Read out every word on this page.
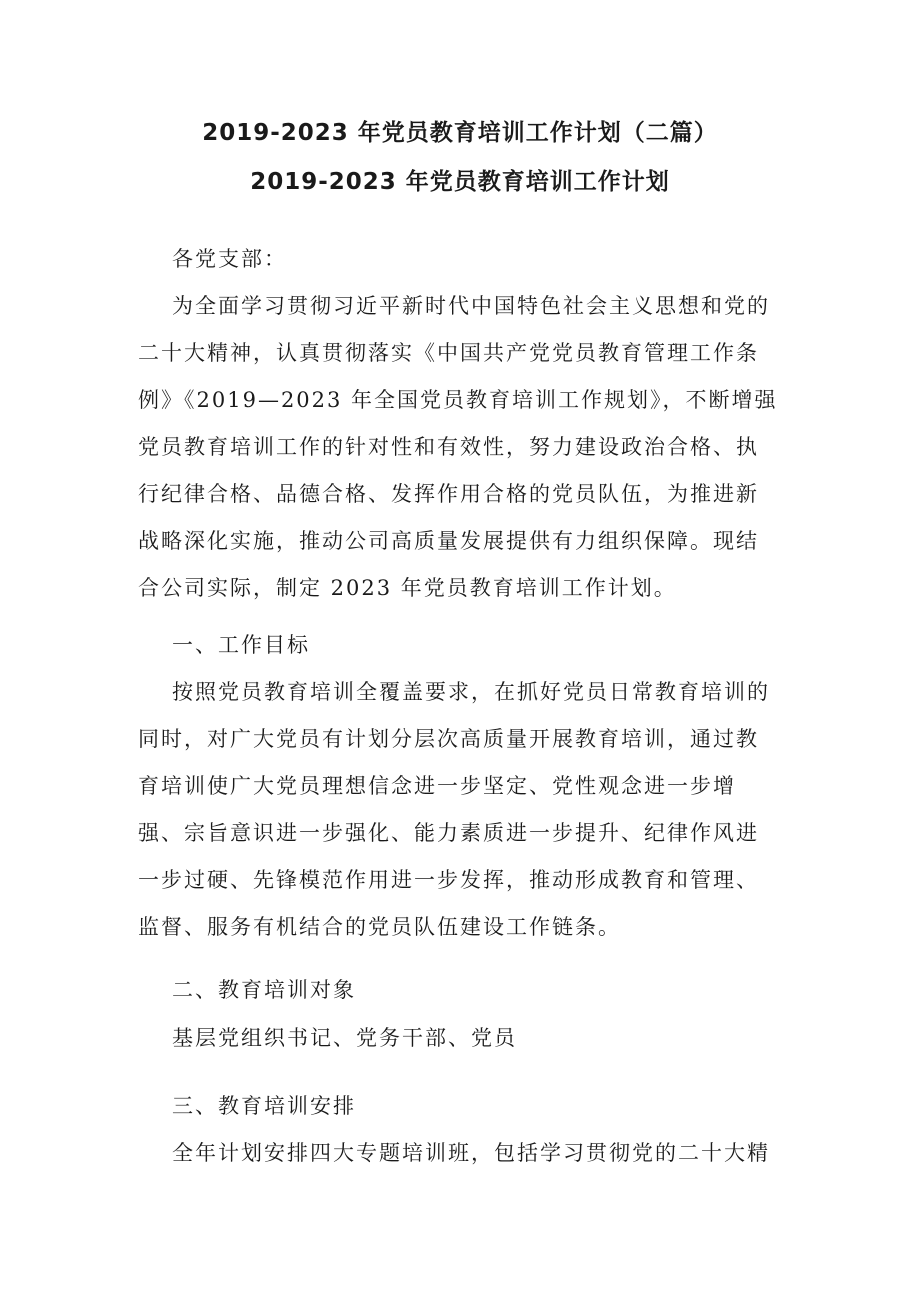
2019-2023 年党员教育培训工作计划（二篇）
2019-2023 年党员教育培训工作计划
各党支部：
为全面学习贯彻习近平新时代中国特色社会主义思想和党的
二十大精神，认真贯彻落实《中国共产党党员教育管理工作条
例》《2019—2023 年全国党员教育培训工作规划》，不断增强
党员教育培训工作的针对性和有效性，努力建设政治合格、执
行纪律合格、品德合格、发挥作用合格的党员队伍，为推进新
战略深化实施，推动公司高质量发展提供有力组织保障。现结
合公司实际，制定 2023 年党员教育培训工作计划。
一、工作目标
按照党员教育培训全覆盖要求，在抓好党员日常教育培训的
同时，对广大党员有计划分层次高质量开展教育培训，通过教
育培训使广大党员理想信念进一步坚定、党性观念进一步增
强、宗旨意识进一步强化、能力素质进一步提升、纪律作风进
一步过硬、先锋模范作用进一步发挥，推动形成教育和管理、
监督、服务有机结合的党员队伍建设工作链条。
二、教育培训对象
基层党组织书记、党务干部、党员
三、教育培训安排
全年计划安排四大专题培训班，包括学习贯彻党的二十大精
